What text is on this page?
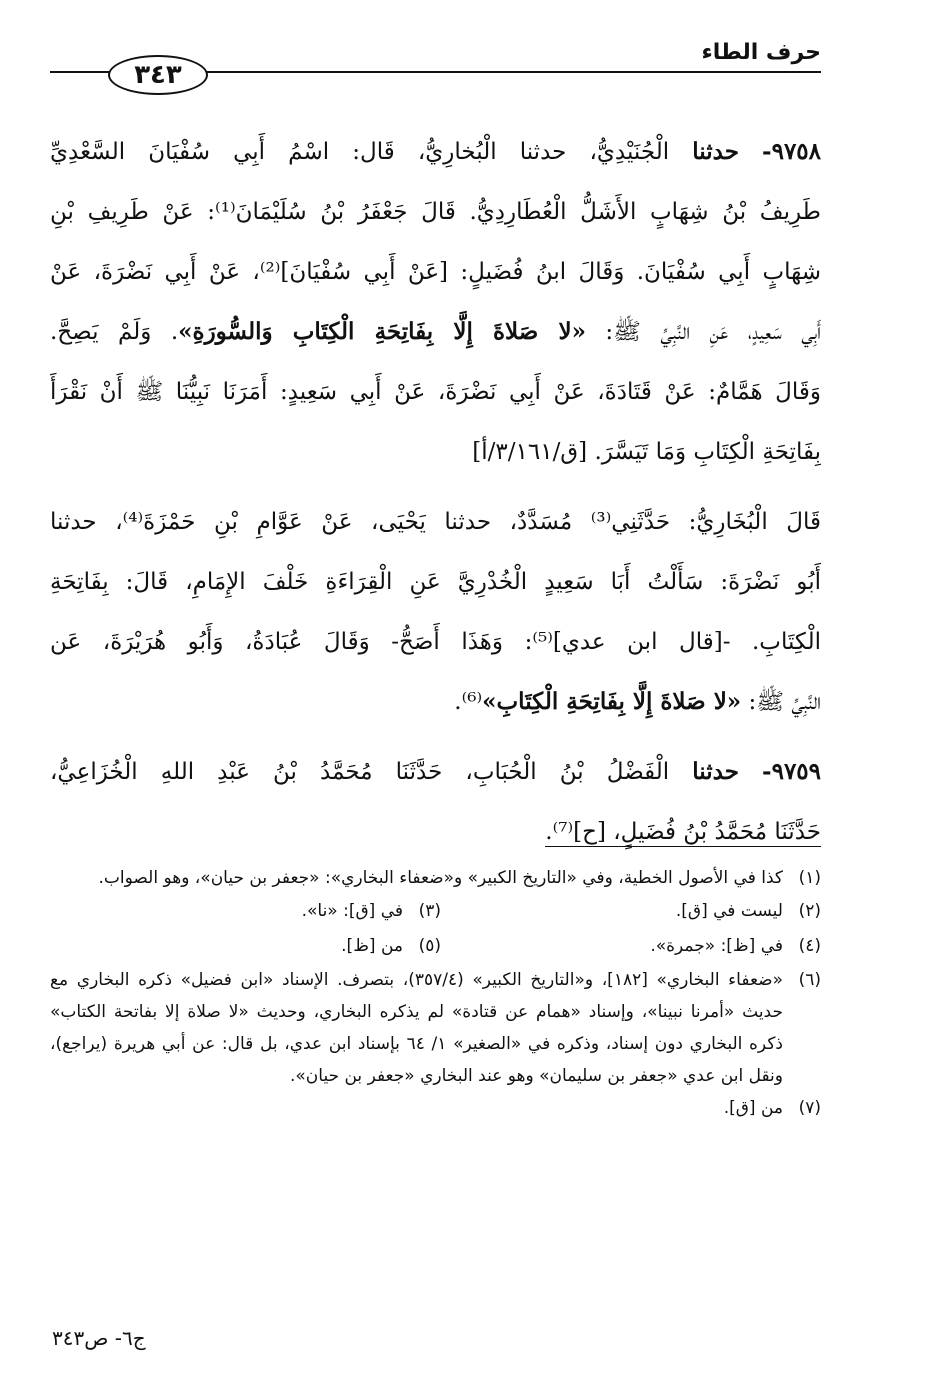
حرف الطاء
٣٤٣
٩٧٥٨- حدثنا الْجُنَيْدِيُّ، حدثنا الْبُخارِيُّ، قَال: اسْمُ أَبِي سُفْيَانَ السَّعْدِيِّ
طَرِيفُ بْنُ شِهَابٍ الأَشَلُّ الْعُطَارِدِيُّ. قَالَ جَعْفَرُ بْنُ سُلَيْمَانَ⁽¹⁾: عَنْ طَرِيفِ بْنِ
شِهَابٍ أَبِي سُفْيَانَ. وَقَالَ ابنُ فُضَيلٍ: [عَنْ أَبِي سُفْيَانَ]⁽²⁾، عَنْ أَبِي نَضْرَةَ، عَنْ
أَبِي سَعِيدٍ، عَنِ النَّبِيِّ ﷺ: «لا صَلاةَ إِلَّا بِفَاتِحَةِ الْكِتَابِ وَالسُّورَةِ». وَلَمْ يَصِحَّ.
وَقَالَ هَمَّامٌ: عَنْ قَتَادَةَ، عَنْ أَبِي نَضْرَةَ، عَنْ أَبِي سَعِيدٍ: أَمَرَنَا نَبِيُّنَا ﷺ أَنْ نَقْرَأَ
بِفَاتِحَةِ الْكِتَابِ وَمَا تَيَسَّرَ. [ق/٣/١٦١/أ]
قَالَ الْبُخَارِيُّ: حَدَّثَنِي⁽³⁾ مُسَدَّدٌ، حدثنا يَحْيَى، عَنْ عَوَّامِ بْنِ حَمْزَةَ⁽⁴⁾، حدثنا
أَبُو نَضْرَةَ: سَأَلْتُ أَبَا سَعِيدٍ الْخُدْرِيَّ عَنِ الْقِرَاءَةِ خَلْفَ الإِمَامِ، قَالَ: بِفَاتِحَةِ
الْكِتَابِ. -[قال ابن عدي]⁽⁵⁾: وَهَذَا أَصَحُّ- وَقَالَ عُبَادَةُ، وَأَبُو هُرَيْرَةَ، عَن
النَّبِيِّ ﷺ: «لا صَلاةَ إِلَّا بِفَاتِحَةِ الْكِتَابِ»⁽⁶⁾.
٩٧٥٩- حدثنا الْفَضْلُ بْنُ الْحُبَابِ، حَدَّثَنَا مُحَمَّدُ بْنُ عَبْدِ اللهِ الْخُزَاعِيُّ،
حَدَّثَنَا مُحَمَّدُ بْنُ فُضَيلٍ، [ح]⁽⁷⁾.
(١)
كذا في الأصول الخطية، وفي «التاريخ الكبير» و«ضعفاء البخاري»: «جعفر بن حيان»، وهو الصواب.
(٢)
ليست في [ق].
(٣)
في [ق]: «نا».
(٤)
في [ظ]: «جمرة».
(٥)
من [ظ].
(٦)
«ضعفاء البخاري» [١٨٢]، و«التاريخ الكبير» (٣٥٧/٤)، بتصرف. الإسناد «ابن فضيل» ذكره البخاري مع حديث «أمرنا نبينا»، وإسناد «همام عن قتادة» لم يذكره البخاري، وحديث «لا صلاة إلا بفاتحة الكتاب» ذكره البخاري دون إسناد، وذكره في «الصغير» ١/ ٦٤ بإسناد ابن عدي، بل قال: عن أبي هريرة (يراجع)، ونقل ابن عدي «جعفر بن سليمان» وهو عند البخاري «جعفر بن حيان».
(٧)
من [ق].
ج٦- ص٣٤٣
